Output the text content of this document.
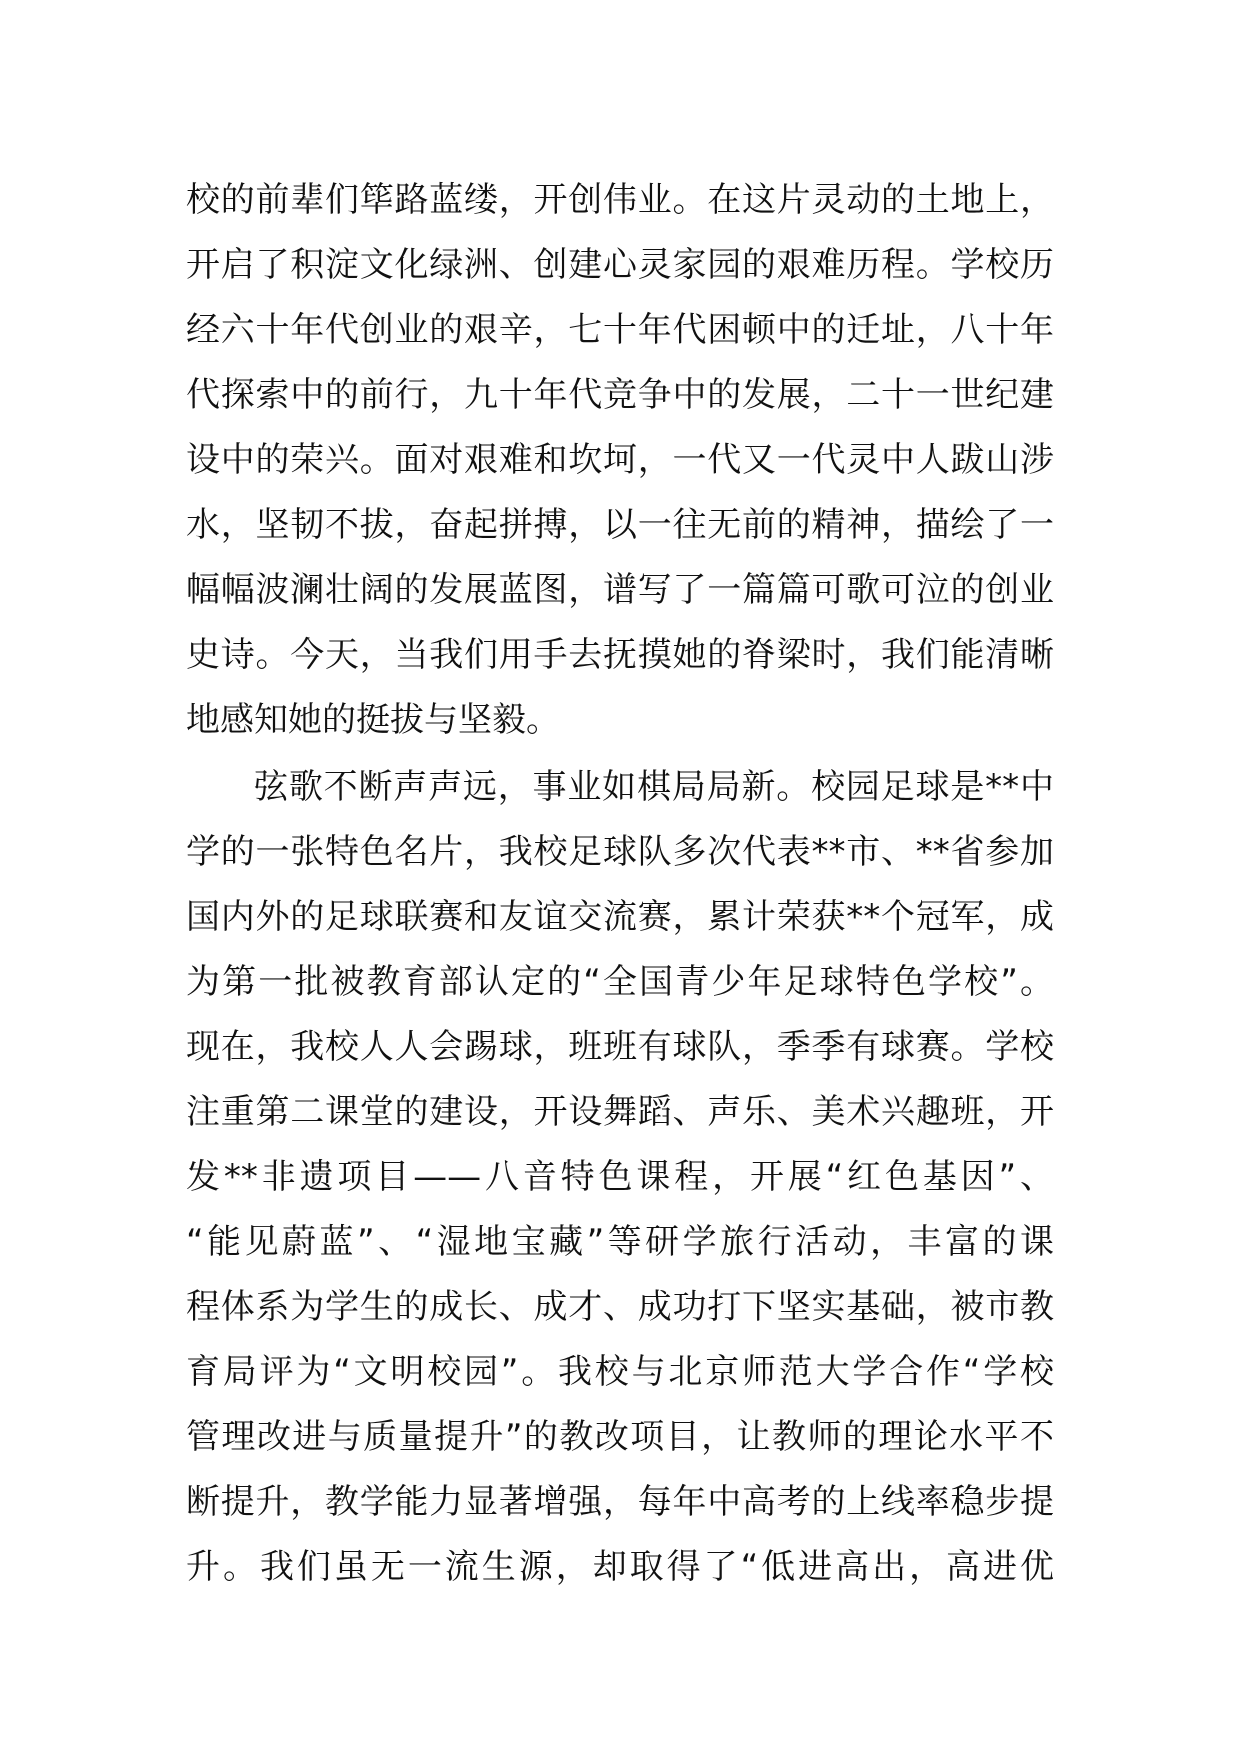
校的前辈们筚路蓝缕，开创伟业。在这片灵动的土地上，
开启了积淀文化绿洲、创建心灵家园的艰难历程。学校历
经六十年代创业的艰辛，七十年代困顿中的迁址，八十年
代探索中的前行，九十年代竞争中的发展，二十一世纪建
设中的荣兴。面对艰难和坎坷，一代又一代灵中人跋山涉
水，坚韧不拔，奋起拼搏，以一往无前的精神，描绘了一
幅幅波澜壮阔的发展蓝图，谱写了一篇篇可歌可泣的创业
史诗。今天，当我们用手去抚摸她的脊梁时，我们能清晰
地感知她的挺拔与坚毅。
弦歌不断声声远，事业如棋局局新。校园足球是**中
学的一张特色名片，我校足球队多次代表**市、**省参加
国内外的足球联赛和友谊交流赛，累计荣获**个冠军，成
为第一批被教育部认定的“全国青少年足球特色学校”。
现在，我校人人会踢球，班班有球队，季季有球赛。学校
注重第二课堂的建设，开设舞蹈、声乐、美术兴趣班，开
发**非遗项目——八音特色课程，开展“红色基因”、
“能见蔚蓝”、“湿地宝藏”等研学旅行活动，丰富的课
程体系为学生的成长、成才、成功打下坚实基础，被市教
育局评为“文明校园”。我校与北京师范大学合作“学校
管理改进与质量提升”的教改项目，让教师的理论水平不
断提升，教学能力显著增强，每年中高考的上线率稳步提
升。我们虽无一流生源，却取得了“低进高出，高进优
